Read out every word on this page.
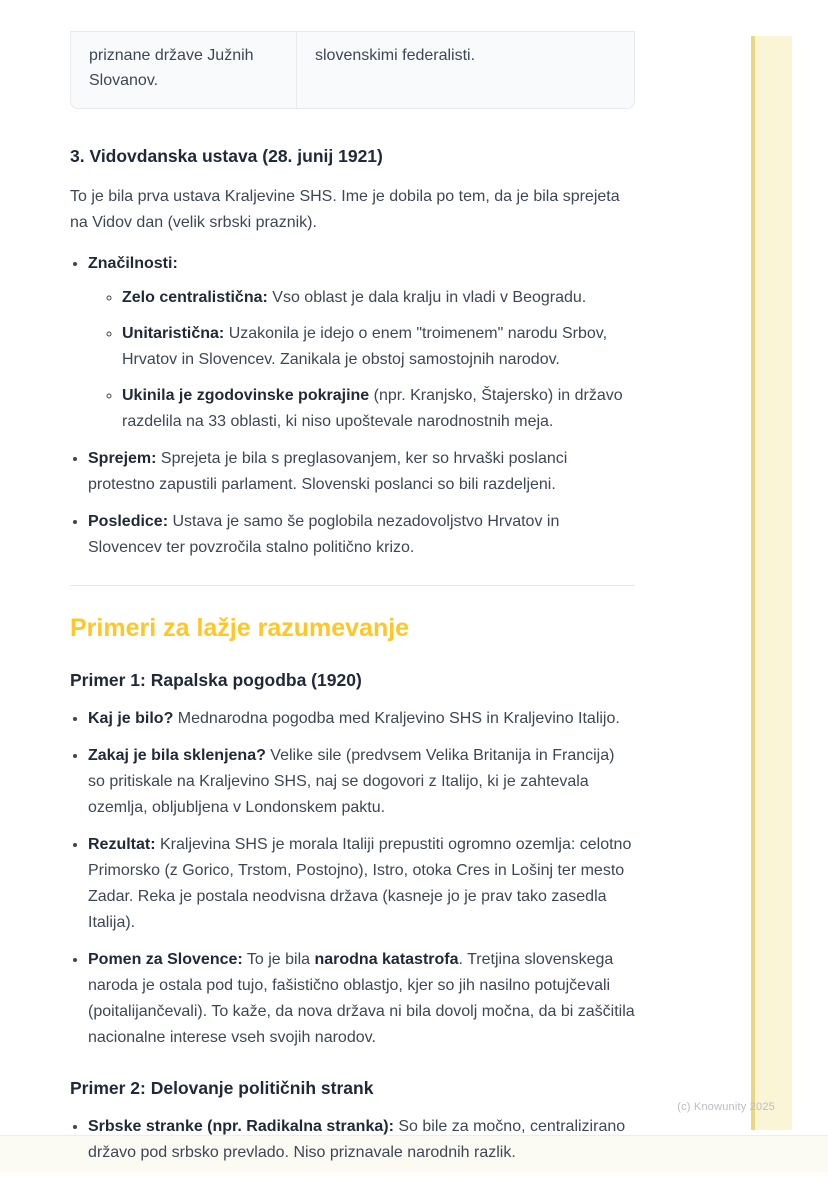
priznane države Južnih Slovanov.
slovenskimi federalisti.
3. Vidovdanska ustava (28. junij 1921)

To je bila prva ustava Kraljevine SHS. Ime je dobila po tem, da je bila sprejeta na Vidov dan (velik srbski praznik).

• Značilnosti:
◦ Zelo centralistična: Vso oblast je dala kralju in vladi v Beogradu.
◦ Unitaristična: Uzakonila je idejo o enem "troimenem" narodu Srbov, Hrvatov in Slovencev. Zanikala je obstoj samostojnih narodov.
◦ Ukinila je zgodovinske pokrajine (npr. Kranjsko, Štajersko) in državo razdelila na 33 oblasti, ki niso upoštevale narodnostnih meja.
• Sprejem: Sprejeta je bila s preglasovanjem, ker so hrvaški poslanci protestno zapustili parlament. Slovenski poslanci so bili razdeljeni.
• Posledice: Ustava je samo še poglobila nezadovoljstvo Hrvatov in Slovencev ter povzročila stalno politično krizo.
Primeri za lažje razumevanje
Primer 1: Rapalska pogodba (1920)
• Kaj je bilo? Mednarodna pogodba med Kraljevino SHS in Kraljevino Italijo.
• Zakaj je bila sklenjena? Velike sile (predvsem Velika Britanija in Francija) so pritiskale na Kraljevino SHS, naj se dogovori z Italijo, ki je zahtevala ozemlja, obljubljena v Londonskem paktu.
• Rezultat: Kraljevina SHS je morala Italiji prepustiti ogromno ozemlja: celotno Primorsko (z Gorico, Trstom, Postojno), Istro, otoka Cres in Lošinj ter mesto Zadar. Reka je postala neodvisna država (kasneje jo je prav tako zasedla Italija).
• Pomen za Slovence: To je bila narodna katastrofa. Tretjina slovenskega naroda je ostala pod tujo, fašistično oblastjo, kjer so jih nasilno potujčevali (poitalijančevali). To kaže, da nova država ni bila dovolj močna, da bi zaščitila nacionalne interese vseh svojih narodov.
Primer 2: Delovanje političnih strank
• Srbske stranke (npr. Radikalna stranka): So bile za močno, centralizirano državo pod srbsko prevlado. Niso priznavale narodnih razlik.
(c) Knowunity 2025
